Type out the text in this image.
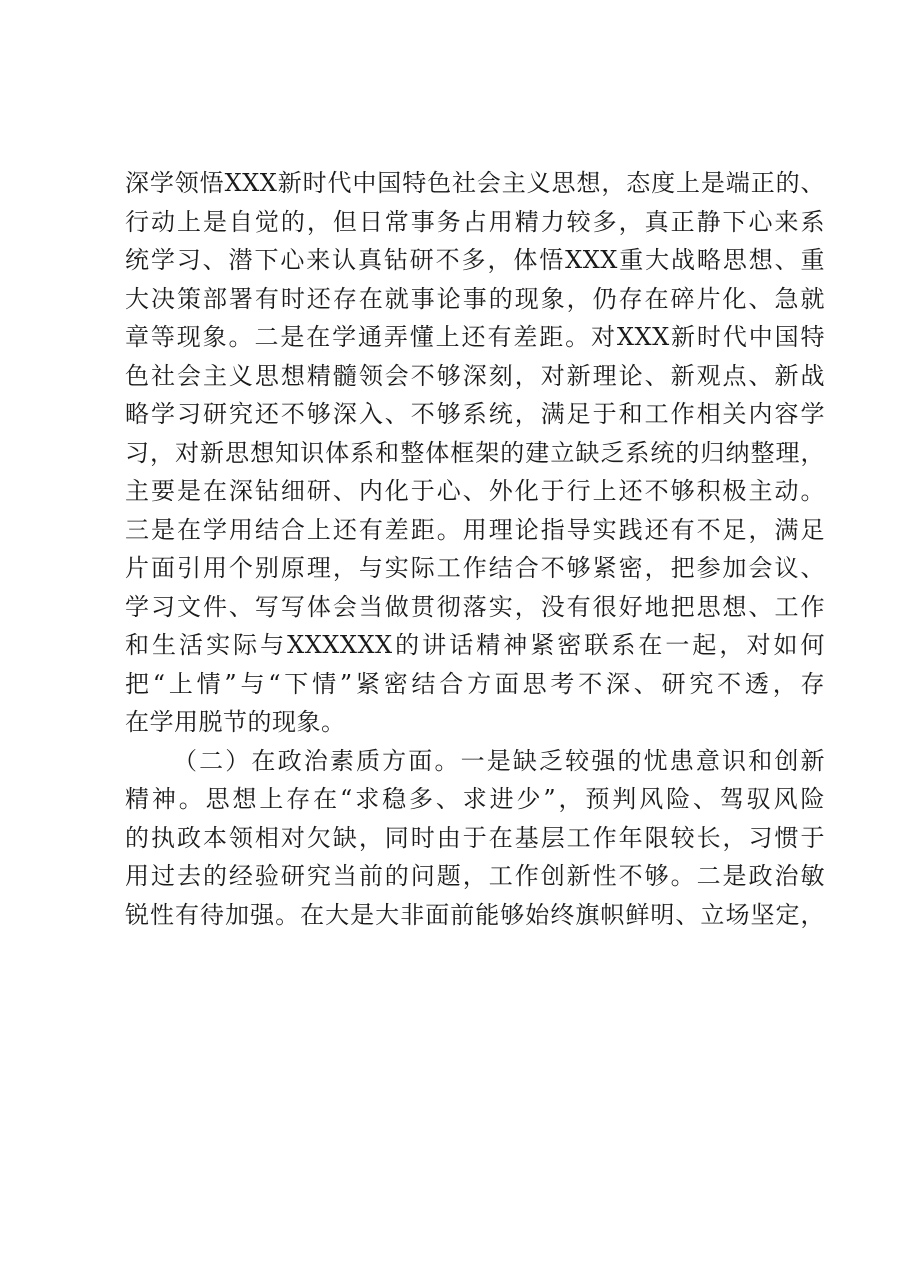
深学领悟XXX新时代中国特色社会主义思想，态度上是端正的、
行动上是自觉的，但日常事务占用精力较多，真正静下心来系
统学习、潜下心来认真钻研不多，体悟XXX重大战略思想、重
大决策部署有时还存在就事论事的现象，仍存在碎片化、急就
章等现象。二是在学通弄懂上还有差距。对XXX新时代中国特
色社会主义思想精髓领会不够深刻，对新理论、新观点、新战
略学习研究还不够深入、不够系统，满足于和工作相关内容学
习，对新思想知识体系和整体框架的建立缺乏系统的归纳整理，
主要是在深钻细研、内化于心、外化于行上还不够积极主动。
三是在学用结合上还有差距。用理论指导实践还有不足，满足
片面引用个别原理，与实际工作结合不够紧密，把参加会议、
学习文件、写写体会当做贯彻落实，没有很好地把思想、工作
和生活实际与XXXXXX的讲话精神紧密联系在一起，对如何
把“上情”与“下情”紧密结合方面思考不深、研究不透，存
在学用脱节的现象。
（二）在政治素质方面。一是缺乏较强的忧患意识和创新
精神。思想上存在“求稳多、求进少”，预判风险、驾驭风险
的执政本领相对欠缺，同时由于在基层工作年限较长，习惯于
用过去的经验研究当前的问题，工作创新性不够。二是政治敏
锐性有待加强。在大是大非面前能够始终旗帜鲜明、立场坚定，
